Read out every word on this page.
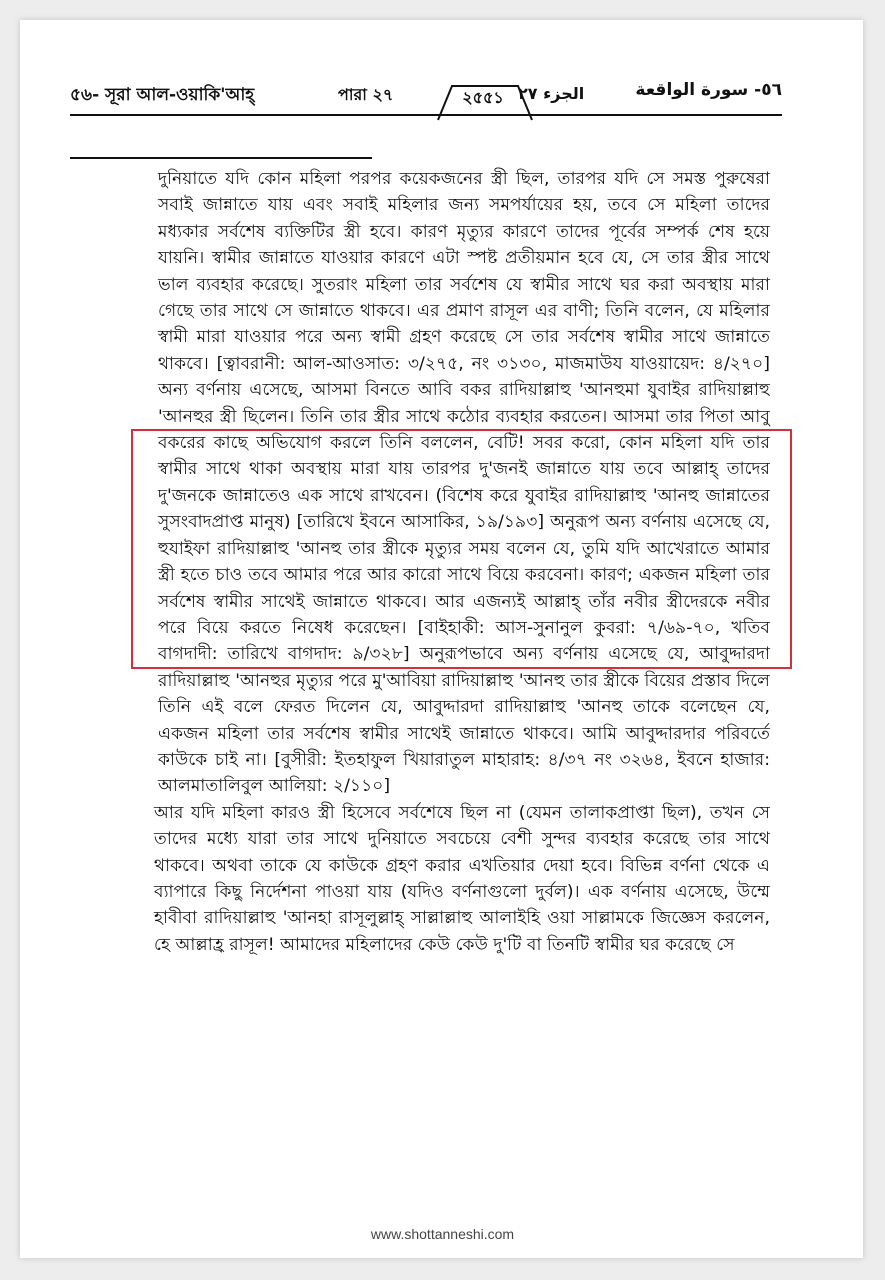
৫৬- সূরা আল-ওয়াকি'আহ্	পারা ২৭	২৫৫১ الجزء ٢٧	٥٦- سورة الواقعة

দুনিয়াতে যদি কোন মহিলা পরপর কয়েকজনের স্ত্রী ছিল, তারপর যদি সে সমস্ত পুরুষেরা সবাই জান্নাতে যায় এবং সবাই মহিলার জন্য সমপর্যায়ের হয়, তবে সে মহিলা তাদের মধ্যকার সর্বশেষ ব্যক্তিটির স্ত্রী হবে। কারণ মৃত্যুর কারণে তাদের পূর্বের সম্পর্ক শেষ হয়ে যায়নি। স্বামীর জান্নাতে যাওয়ার কারণে এটা স্পষ্ট প্রতীয়মান হবে যে, সে তার স্ত্রীর সাথে ভাল ব্যবহার করেছে। সুতরাং মহিলা তার সর্বশেষ যে স্বামীর সাথে ঘর করা অবস্থায় মারা গেছে তার সাথে সে জান্নাতে থাকবে। এর প্রমাণ রাসূল এর বাণী; তিনি বলেন, যে মহিলার স্বামী মারা যাওয়ার পরে অন্য স্বামী গ্রহণ করেছে সে তার সর্বশেষ স্বামীর সাথে জান্নাতে থাকবে। [ত্বাবরানী: আল-আওসাত: ৩/২৭৫, নং ৩১৩০, মাজমাউয যাওয়ায়েদ: ৪/২৭০] অন্য বর্ণনায় এসেছে, আসমা বিনতে আবি বকর রাদিয়াল্লাহু 'আনহুমা যুবাইর রাদিয়াল্লাহু 'আনহুর স্ত্রী ছিলেন। তিনি তার স্ত্রীর সাথে কঠোর ব্যবহার করতেন। আসমা তার পিতা আবু বকরের কাছে অভিযোগ করলে তিনি বললেন, বেটি! সবর করো, কোন মহিলা যদি তার স্বামীর সাথে থাকা অবস্থায় মারা যায় তারপর দু'জনই জান্নাতে যায় তবে আল্লাহ্ তাদের দু'জনকে জান্নাতেও এক সাথে রাখবেন। (বিশেষ করে যুবাইর রাদিয়াল্লাহু 'আনহু জান্নাতের সুসংবাদপ্রাপ্ত মানুষ) [তারিখে ইবনে আসাকির, ১৯/১৯৩] অনুরূপ অন্য বর্ণনায় এসেছে যে, হুযাইফা রাদিয়াল্লাহু 'আনহু তার স্ত্রীকে মৃত্যুর সময় বলেন যে, তুমি যদি আখেরাতে আমার স্ত্রী হতে চাও তবে আমার পরে আর কারো সাথে বিয়ে করবেনা। কারণ; একজন মহিলা তার সর্বশেষ স্বামীর সাথেই জান্নাতে থাকবে। আর এজন্যই আল্লাহ্ তাঁর নবীর স্ত্রীদেরকে নবীর পরে বিয়ে করতে নিষেধ করেছেন। [বাইহাকী: আস-সুনানুল কুবরা: ৭/৬৯-৭০, খতিব বাগদাদী: তারিখে বাগদাদ: ৯/৩২৮] অনুরূপভাবে অন্য বর্ণনায় এসেছে যে, আবুদ্দারদা রাদিয়াল্লাহু 'আনহুর মৃত্যুর পরে মু'আবিয়া রাদিয়াল্লাহু 'আনহু তার স্ত্রীকে বিয়ের প্রস্তাব দিলে তিনি এই বলে ফেরত দিলেন যে, আবুদ্দারদা রাদিয়াল্লাহু 'আনহু তাকে বলেছেন যে, একজন মহিলা তার সর্বশেষ স্বামীর সাথেই জান্নাতে থাকবে। আমি আবুদ্দারদার পরিবর্তে কাউকে চাই না। [বুসীরী: ইতহাফুল খিয়ারাতুল মাহারাহ: ৪/৩৭ নং ৩২৬৪, ইবনে হাজার: আলমাতালিবুল আলিয়া: ২/১১০]

আর যদি মহিলা কারও স্ত্রী হিসেবে সর্বশেষে ছিল না (যেমন তালাকপ্রাপ্তা ছিল), তখন সে তাদের মধ্যে যারা তার সাথে দুনিয়াতে সবচেয়ে বেশী সুন্দর ব্যবহার করেছে তার সাথে থাকবে। অথবা তাকে যে কাউকে গ্রহণ করার এখতিয়ার দেয়া হবে। বিভিন্ন বর্ণনা থেকে এ ব্যাপারে কিছু নির্দেশনা পাওয়া যায় (যদিও বর্ণনাগুলো দুর্বল)। এক বর্ণনায় এসেছে, উম্মে হাবীবা রাদিয়াল্লাহু 'আনহা রাসূলুল্লাহ্ সাল্লাল্লাহু আলাইহি ওয়া সাল্লামকে জিজ্ঞেস করলেন, হে আল্লাহ্র রাসূল! আমাদের মহিলাদের কেউ কেউ দু'টি বা তিনটি স্বামীর ঘর করেছে সে

www.shottanneshi.com
